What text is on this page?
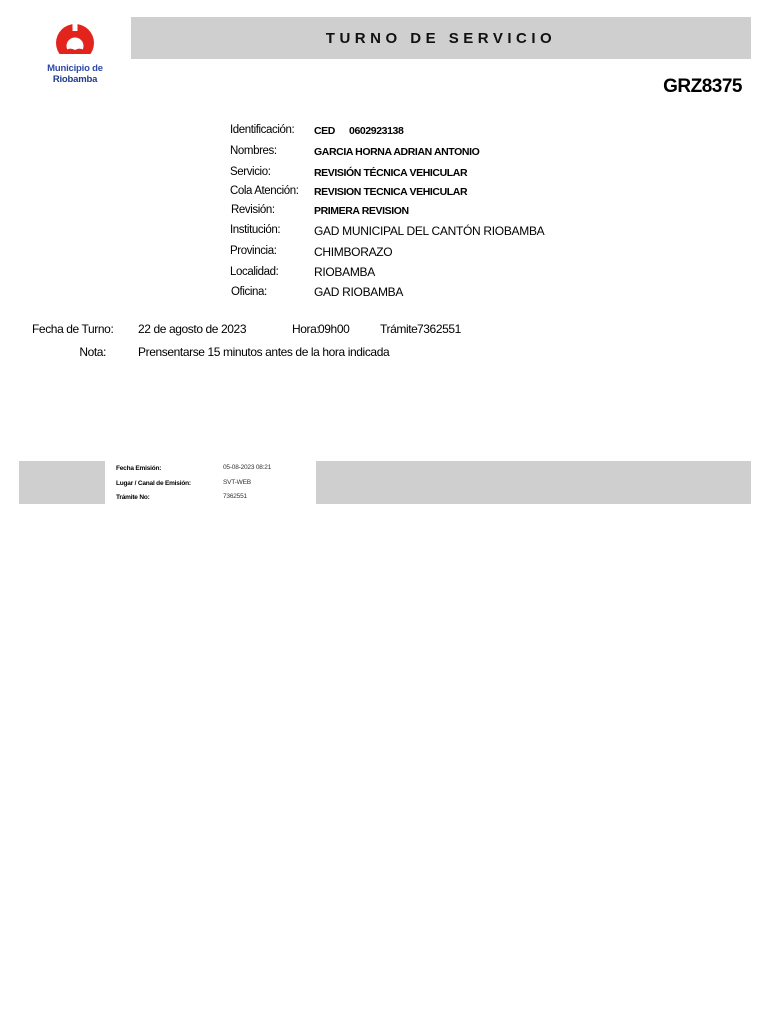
Municipio de
Riobamba
TURNO DE SERVICIO
GRZ8375
Identificación: CED 0602923138
Nombres:	GARCIA HORNA ADRIAN ANTONIO
Servicio:	REVISIÓN TÉCNICA VEHICULAR
Cola Atención: REVISION TECNICA VEHICULAR
Revisión:	PRIMERA REVISION
Institución:	GAD MUNICIPAL DEL CANTÓN RIOBAMBA
Provincia:	CHIMBORAZO
Localidad:	RIOBAMBA
Oficina:	GAD RIOBAMBA
Fecha de Turno: 22 de agosto de 2023	Hora:
09h00	Trámite 7362551
Nota:	Prensentarse 15 minutos antes de la hora indicada
Fecha Emisión:	05-08-2023 08:21
Lugar / Canal de Emisión:	SVT-WEB
Trámite No:	7362551
